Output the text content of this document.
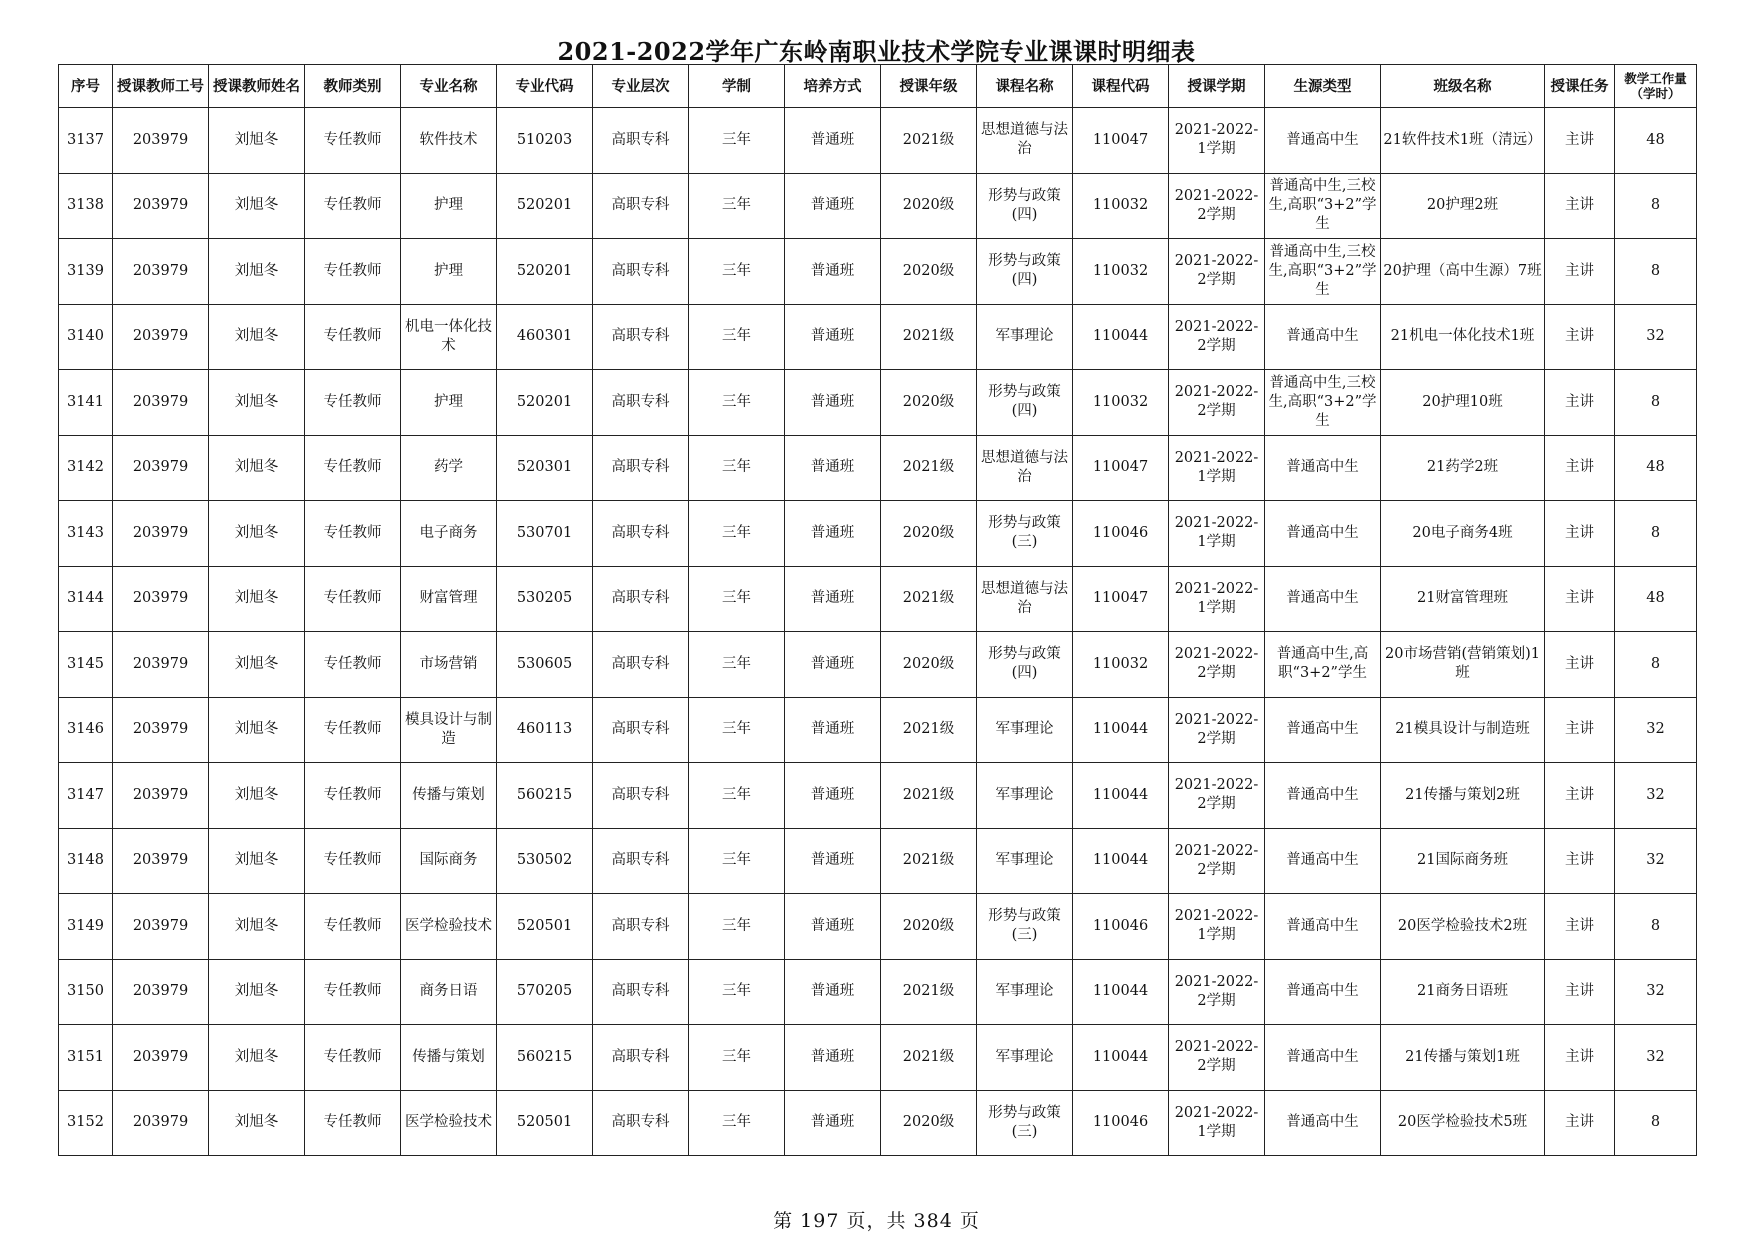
2021-2022学年广东岭南职业技术学院专业课课时明细表
序号	授课教师工号	授课教师姓名	教师类别	专业名称	专业代码	专业层次	学制	培养方式	授课年级	课程名称	课程代码	授课学期	生源类型	班级名称	授课任务	教学工作量（学时）
3137	203979	刘旭冬	专任教师	软件技术	510203	高职专科	三年	普通班	2021级	思想道德与法治	110047	2021-2022-1学期	普通高中生	21软件技术1班（清远）	主讲	48
3138	203979	刘旭冬	专任教师	护理	520201	高职专科	三年	普通班	2020级	形势与政策(四)	110032	2021-2022-2学期	普通高中生,三校生,高职“3+2”学生	20护理2班	主讲	8
3139	203979	刘旭冬	专任教师	护理	520201	高职专科	三年	普通班	2020级	形势与政策(四)	110032	2021-2022-2学期	普通高中生,三校生,高职“3+2”学生	20护理（高中生源）7班	主讲	8
3140	203979	刘旭冬	专任教师	机电一体化技术	460301	高职专科	三年	普通班	2021级	军事理论	110044	2021-2022-2学期	普通高中生	21机电一体化技术1班	主讲	32
3141	203979	刘旭冬	专任教师	护理	520201	高职专科	三年	普通班	2020级	形势与政策(四)	110032	2021-2022-2学期	普通高中生,三校生,高职“3+2”学生	20护理10班	主讲	8
3142	203979	刘旭冬	专任教师	药学	520301	高职专科	三年	普通班	2021级	思想道德与法治	110047	2021-2022-1学期	普通高中生	21药学2班	主讲	48
3143	203979	刘旭冬	专任教师	电子商务	530701	高职专科	三年	普通班	2020级	形势与政策(三)	110046	2021-2022-1学期	普通高中生	20电子商务4班	主讲	8
3144	203979	刘旭冬	专任教师	财富管理	530205	高职专科	三年	普通班	2021级	思想道德与法治	110047	2021-2022-1学期	普通高中生	21财富管理班	主讲	48
3145	203979	刘旭冬	专任教师	市场营销	530605	高职专科	三年	普通班	2020级	形势与政策(四)	110032	2021-2022-2学期	普通高中生,高职“3+2”学生	20市场营销(营销策划)1班	主讲	8
3146	203979	刘旭冬	专任教师	模具设计与制造	460113	高职专科	三年	普通班	2021级	军事理论	110044	2021-2022-2学期	普通高中生	21模具设计与制造班	主讲	32
3147	203979	刘旭冬	专任教师	传播与策划	560215	高职专科	三年	普通班	2021级	军事理论	110044	2021-2022-2学期	普通高中生	21传播与策划2班	主讲	32
3148	203979	刘旭冬	专任教师	国际商务	530502	高职专科	三年	普通班	2021级	军事理论	110044	2021-2022-2学期	普通高中生	21国际商务班	主讲	32
3149	203979	刘旭冬	专任教师	医学检验技术	520501	高职专科	三年	普通班	2020级	形势与政策(三)	110046	2021-2022-1学期	普通高中生	20医学检验技术2班	主讲	8
3150	203979	刘旭冬	专任教师	商务日语	570205	高职专科	三年	普通班	2021级	军事理论	110044	2021-2022-2学期	普通高中生	21商务日语班	主讲	32
3151	203979	刘旭冬	专任教师	传播与策划	560215	高职专科	三年	普通班	2021级	军事理论	110044	2021-2022-2学期	普通高中生	21传播与策划1班	主讲	32
3152	203979	刘旭冬	专任教师	医学检验技术	520501	高职专科	三年	普通班	2020级	形势与政策(三)	110046	2021-2022-1学期	普通高中生	20医学检验技术5班	主讲	8
第 197 页，共 384 页
